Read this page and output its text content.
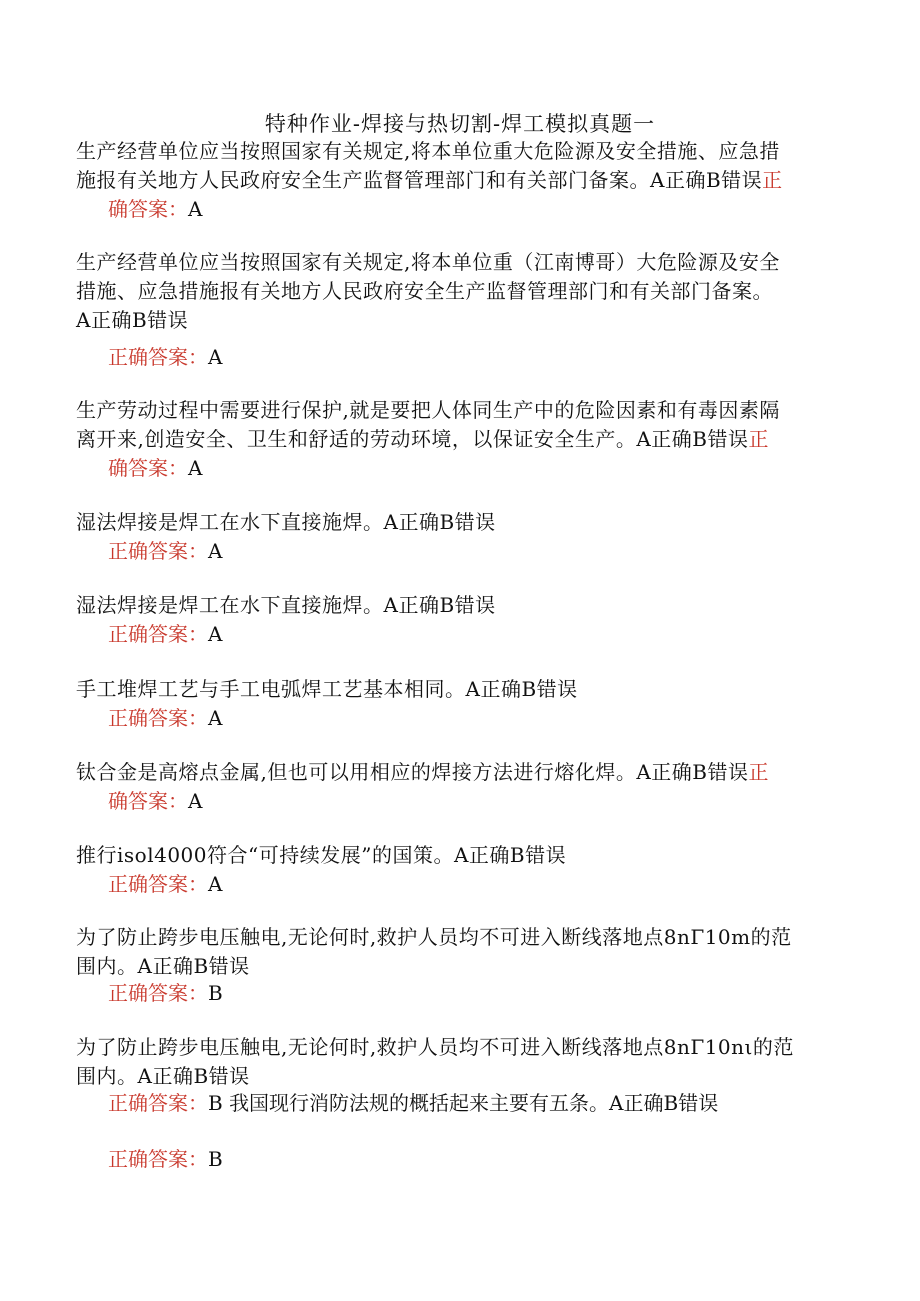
特种作业-焊接与热切割-焊工模拟真题一
生产经营单位应当按照国家有关规定,将本单位重大危险源及安全措施、应急措
施报有关地方人民政府安全生产监督管理部门和有关部门备案。A正确B错误正
确答案：A
生产经营单位应当按照国家有关规定,将本单位重（江南博哥）大危险源及安全
措施、应急措施报有关地方人民政府安全生产监督管理部门和有关部门备案。
A正确B错误
正确答案：A
生产劳动过程中需要进行保护,就是要把人体同生产中的危险因素和有毒因素隔
离开来,创造安全、卫生和舒适的劳动环境，以保证安全生产。A正确B错误正
确答案：A
湿法焊接是焊工在水下直接施焊。A正确B错误
正确答案：A
湿法焊接是焊工在水下直接施焊。A正确B错误
正确答案：A
手工堆焊工艺与手工电弧焊工艺基本相同。A正确B错误
正确答案：A
钛合金是高熔点金属,但也可以用相应的焊接方法进行熔化焊。A正确B错误正
确答案：A
推行isol4000符合“可持续发展”的国策。A正确B错误
正确答案：A
为了防止跨步电压触电,无论何时,救护人员均不可进入断线落地点8nΓ10m的范
围内。A正确B错误
正确答案：B
为了防止跨步电压触电,无论何时,救护人员均不可进入断线落地点8nΓ10nι的范
围内。A正确B错误
正确答案：B 我国现行消防法规的概括起来主要有五条。A正确B错误
正确答案：B
